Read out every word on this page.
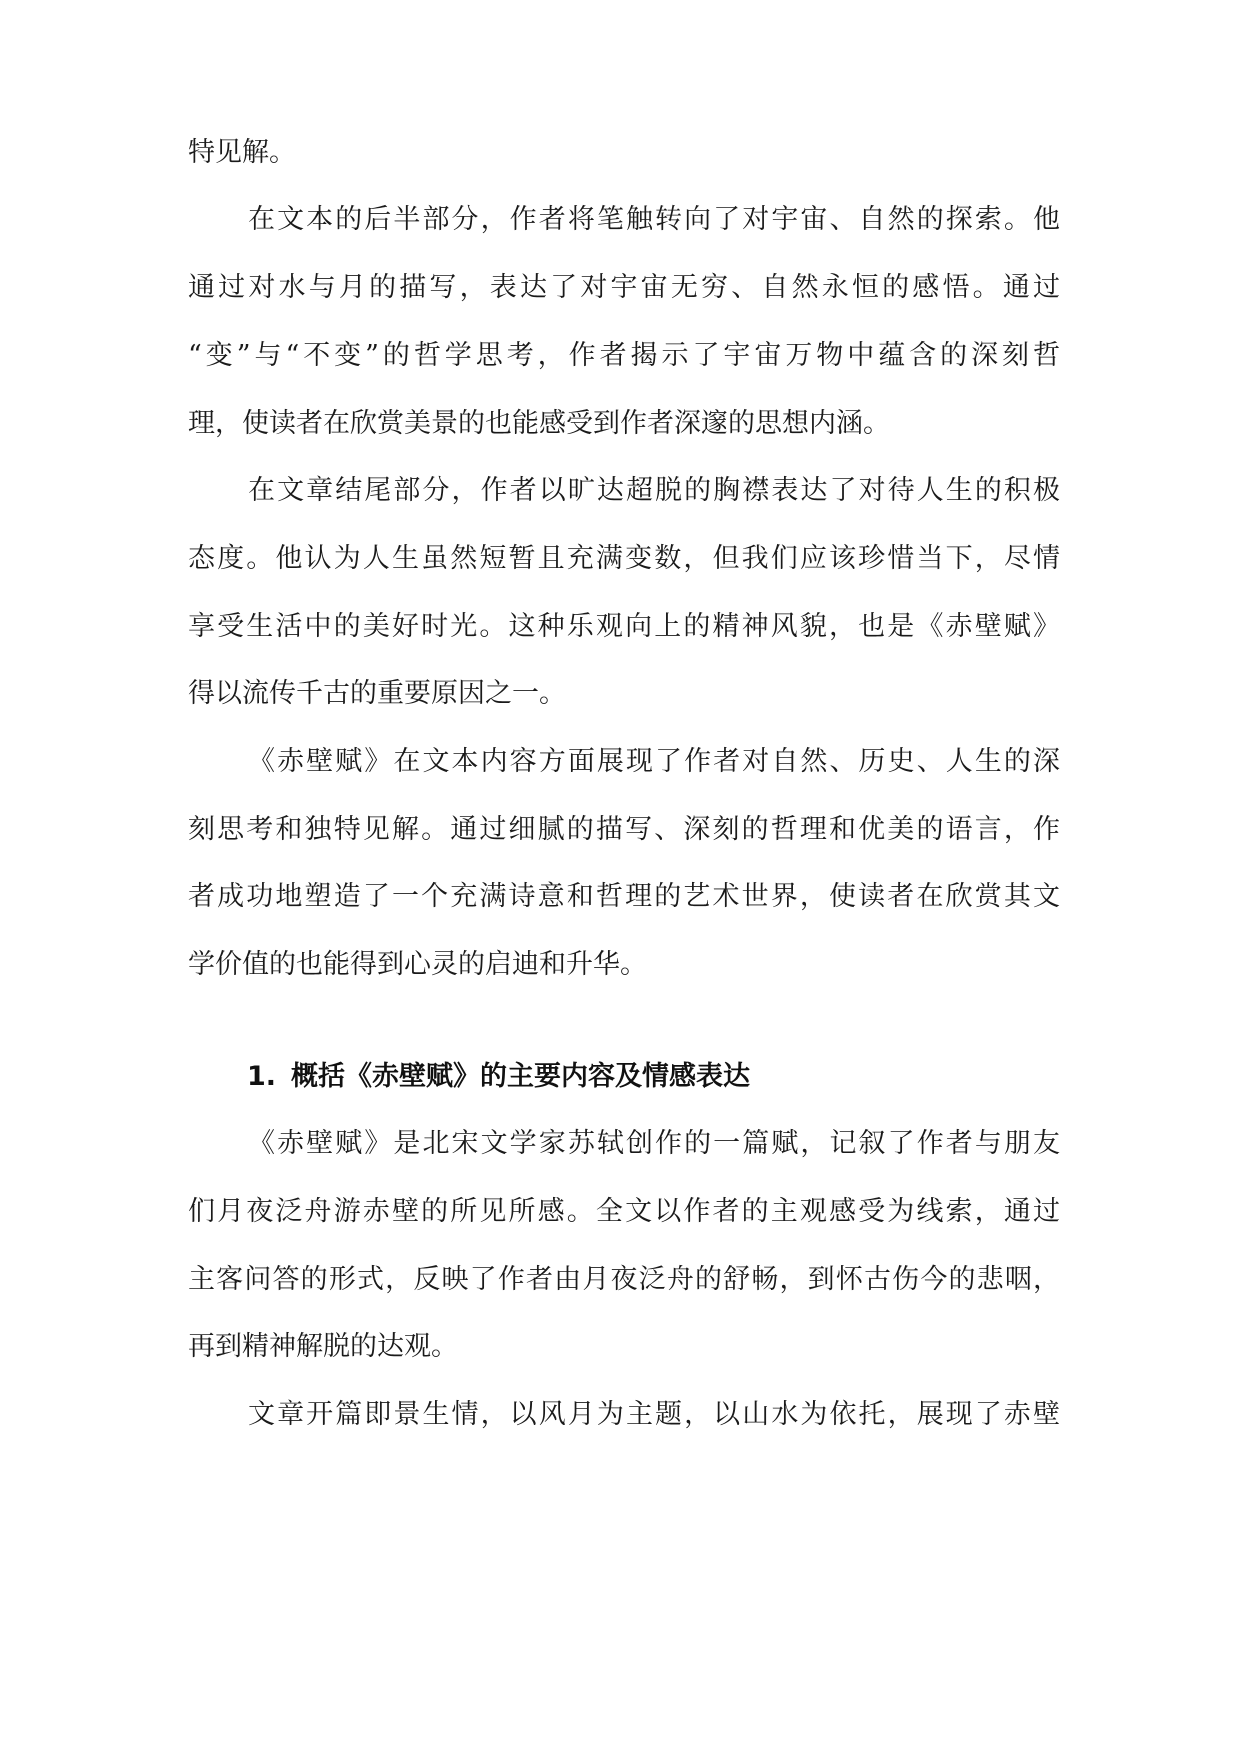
特见解。

在文本的后半部分，作者将笔触转向了对宇宙、自然的探索。他

通过对水与月的描写，表达了对宇宙无穷、自然永恒的感悟。通过

“变”与“不变”的哲学思考，作者揭示了宇宙万物中蕴含的深刻哲

理，使读者在欣赏美景的也能感受到作者深邃的思想内涵。

在文章结尾部分，作者以旷达超脱的胸襟表达了对待人生的积极

态度。他认为人生虽然短暂且充满变数，但我们应该珍惜当下，尽情

享受生活中的美好时光。这种乐观向上的精神风貌，也是《赤壁赋》

得以流传千古的重要原因之一。

《赤壁赋》在文本内容方面展现了作者对自然、历史、人生的深

刻思考和独特见解。通过细腻的描写、深刻的哲理和优美的语言，作

者成功地塑造了一个充满诗意和哲理的艺术世界，使读者在欣赏其文

学价值的也能得到心灵的启迪和升华。

1. 概括《赤壁赋》的主要内容及情感表达

《赤壁赋》是北宋文学家苏轼创作的一篇赋，记叙了作者与朋友

们月夜泛舟游赤壁的所见所感。全文以作者的主观感受为线索，通过

主客问答的形式，反映了作者由月夜泛舟的舒畅，到怀古伤今的悲咽，

再到精神解脱的达观。

文章开篇即景生情，以风月为主题，以山水为依托，展现了赤壁
